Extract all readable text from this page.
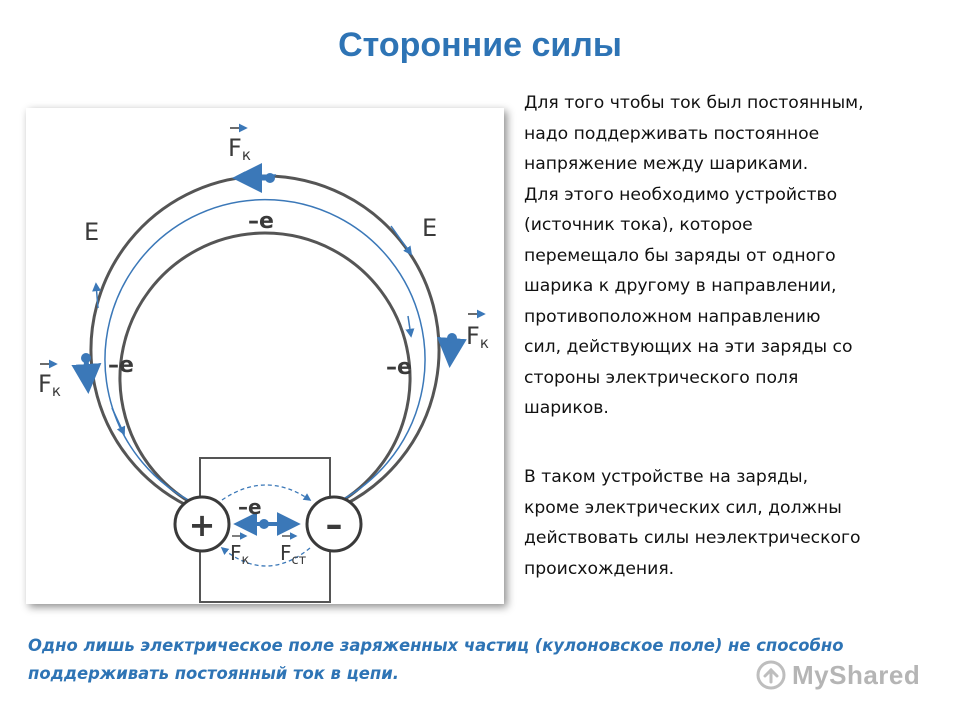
Сторонние силы
+	–
E	E
–e
–e	–e
–e
Fк
Fк
Fк
$F_к$ $F_{ст}$

Для того чтобы ток был постоянным,
надо поддерживать постоянное
напряжение между шариками.
Для этого необходимо устройство
(источник тока), которое
перемещало бы заряды от одного
шарика к другому в направлении,
противоположном направлению
сил, действующих на эти заряды со
стороны электрического поля
шариков.

В таком устройстве на заряды,
кроме электрических сил, должны
действовать силы неэлектрического
происхождения.

Одно лишь электрическое поле заряженных частиц (кулоновское поле) не способно
поддерживать постоянный ток в цепи.	MyShared
